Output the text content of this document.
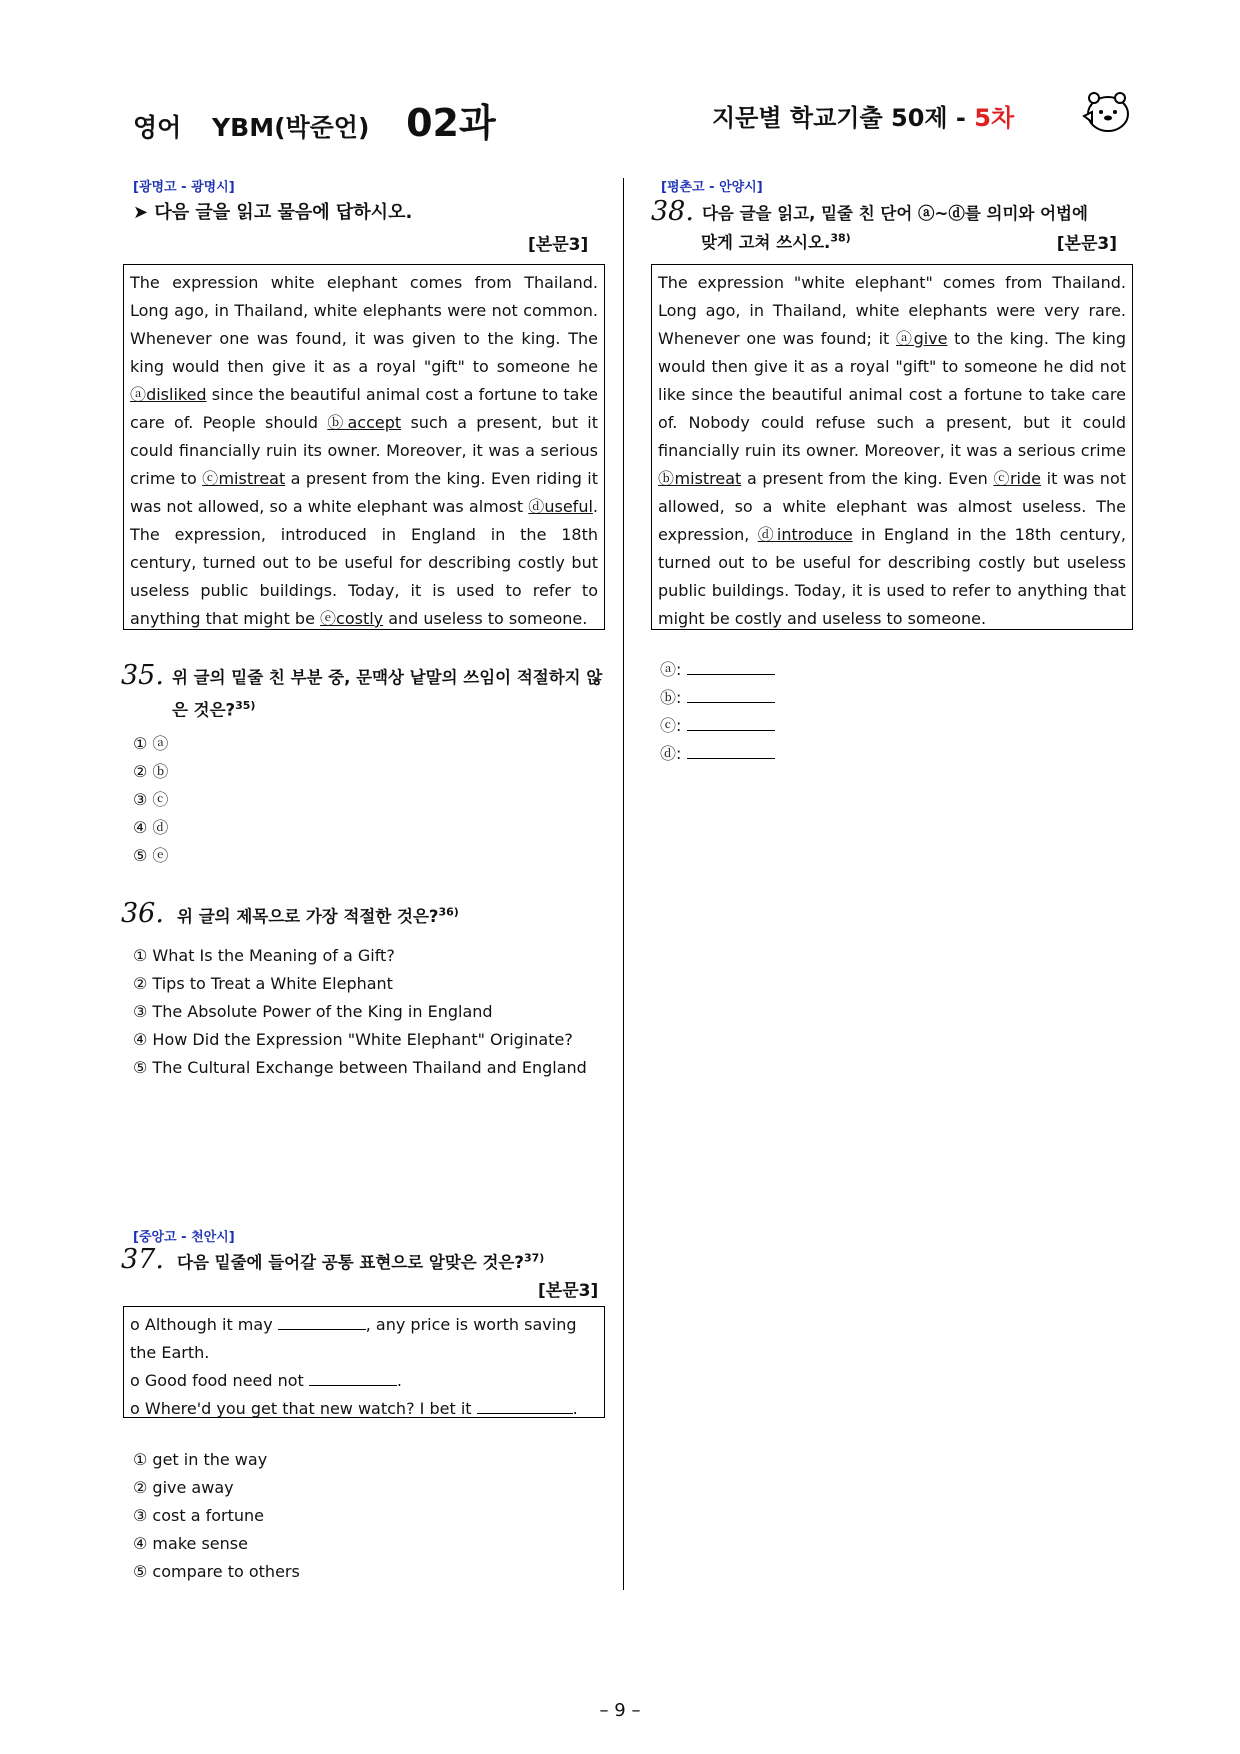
영어 YBM(박준언) 02과	지문별 학교기출 50제 - 5차
[광명고 - 광명시]
➤ 다음 글을 읽고 물음에 답하시오.
[본문3]
The expression white elephant comes from Thailand. Long ago, in Thailand, white elephants were not common. Whenever one was found, it was given to the king. The king would then give it as a royal "gift" to someone he ⓐdisliked since the beautiful animal cost a fortune to take care of. People should ⓑaccept such a present, but it could financially ruin its owner. Moreover, it was a serious crime to ⓒmistreat a present from the king. Even riding it was not allowed, so a white elephant was almost ⓓuseful. The expression, introduced in England in the 18th century, turned out to be useful for describing costly but useless public buildings. Today, it is used to refer to anything that might be ⓔcostly and useless to someone.
35. 위 글의 밑줄 친 부분 중, 문맥상 낱말의 쓰임이 적절하지 않은 것은?$^{35)}$
① ⓐ
② ⓑ
③ ⓒ
④ ⓓ
⑤ ⓔ
36. 위 글의 제목으로 가장 적절한 것은?$^{36)}$
① What Is the Meaning of a Gift?
② Tips to Treat a White Elephant
③ The Absolute Power of the King in England
④ How Did the Expression "White Elephant" Originate?
⑤ The Cultural Exchange between Thailand and England
[중앙고 - 천안시]
37. 다음 밑줄에 들어갈 공통 표현으로 알맞은 것은?$^{37)}$
[본문3]
o Although it may	, any price is worth saving the Earth.
o Good food need not	.
o Where'd you get that new watch? I bet it	.
① get in the way
② give away
③ cost a fortune
④ make sense
⑤ compare to others
[평촌고 - 안양시]
38. 다음 글을 읽고, 밑줄 친 단어 ⓐ~ⓓ를 의미와 어법에
맞게 고쳐 쓰시오.$^{38)}$	[본문3]
The expression "white elephant" comes from Thailand. Long ago, in Thailand, white elephants were very rare. Whenever one was found; it ⓐgive to the king. The king would then give it as a royal "gift" to someone he did not like since the beautiful animal cost a fortune to take care of. Nobody could refuse such a present, but it could financially ruin its owner. Moreover, it was a serious crime ⓑmistreat a present from the king. Even ⓒride it was not allowed, so a white elephant was almost useless. The expression, ⓓintroduce in England in the 18th century, turned out to be useful for describing costly but useless public buildings. Today, it is used to refer to anything that might be costly and useless to someone.
ⓐ:
ⓑ:
ⓒ:
ⓓ:
– 9 –
